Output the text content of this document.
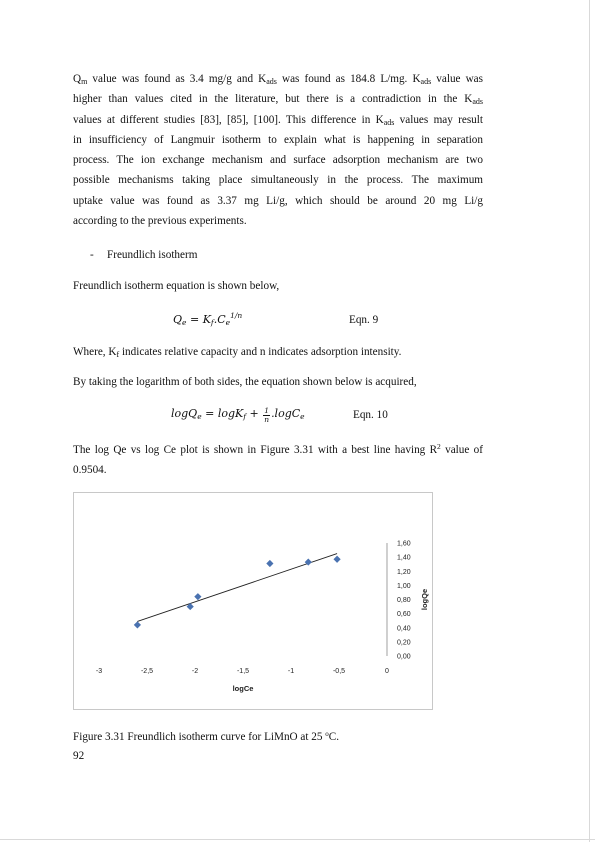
$Q_m$ value was found as 3.4 mg/g and $K_{ads}$ was found as 184.8 L/mg. $K_{ads}$ value was
higher than values cited in the literature, but there is a contradiction in the $K_{ads}$
values at different studies [83], [85], [100]. This difference in $K_{ads}$ values may result
in insufficiency of Langmuir isotherm to explain what is happening in separation
process. The ion exchange mechanism and surface adsorption mechanism are two
possible mechanisms taking place simultaneously in the process. The maximum
uptake value was found as 3.37 mg Li/g, which should be around 20 mg Li/g
according to the previous experiments.
- Freundlich isotherm
Freundlich isotherm equation is shown below,
$Q_e = K_f.C_e^{1/n}$	Eqn. 9
Where, $K_f$ indicates relative capacity and n indicates adsorption intensity.
By taking the logarithm of both sides, the equation shown below is acquired,
$\log Q_e = \log K_f + \frac{1}{n} .\log C_e$	Eqn. 10
The log Qe vs log Ce plot is shown in Figure 3.31 with a best line having $R^2$ value of
0.9504.
0,00
0,20
0,40
0,60
0,80
1,00
1,20
1,40
1,60
-3	-2,5	-2	-1,5	-1	-0,5	0
logCe
logQe
Figure 3.31 Freundlich isotherm curve for LiMnO at 25 $^o$C.
92
